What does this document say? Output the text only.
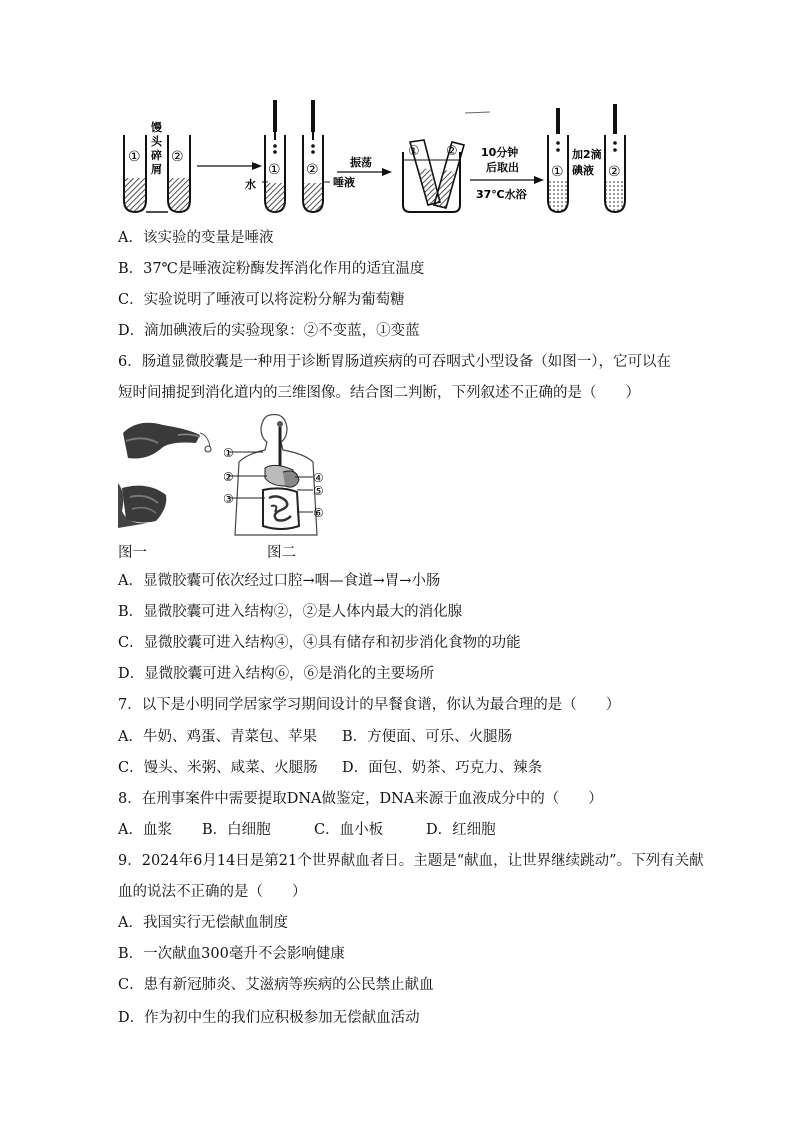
① ②
馒
头
碎
屑	① ②
水	唾液
振荡
① ② 10分钟
后取出
37℃水浴
①	②
加2滴
碘液
A．该实验的变量是唾液
B．37℃是唾液淀粉酶发挥消化作用的适宜温度
C．实验说明了唾液可以将淀粉分解为葡萄糖
D．滴加碘液后的实验现象：②不变蓝，①变蓝
6．肠道显微胶囊是一种用于诊断胃肠道疾病的可吞咽式小型设备（如图一），它可以在
短时间捕捉到消化道内的三维图像。结合图二判断，下列叙述不正确的是（　　）
①
②
③
④
⑤
⑥
图一	图二
A．显微胶囊可依次经过口腔→咽—食道→胃→小肠
B．显微胶囊可进入结构②，②是人体内最大的消化腺
C．显微胶囊可进入结构④，④具有储存和初步消化食物的功能
D．显微胶囊可进入结构⑥，⑥是消化的主要场所
7．以下是小明同学居家学习期间设计的早餐食谱，你认为最合理的是（　　）
A．牛奶、鸡蛋、青菜包、苹果 B．方便面、可乐、火腿肠
C．馒头、米粥、咸菜、火腿肠 D．面包、奶茶、巧克力、辣条
8．在刑事案件中需要提取DNA做鉴定，DNA来源于血液成分中的（　　）
A．血浆 B．白细胞	C．血小板	D．红细胞
9．2024年6月14日是第21个世界献血者日。主题是“献血，让世界继续跳动”。下列有关献
血的说法不正确的是（　　）
A．我国实行无偿献血制度
B．一次献血300毫升不会影响健康
C．患有新冠肺炎、艾滋病等疾病的公民禁止献血
D．作为初中生的我们应积极参加无偿献血活动
